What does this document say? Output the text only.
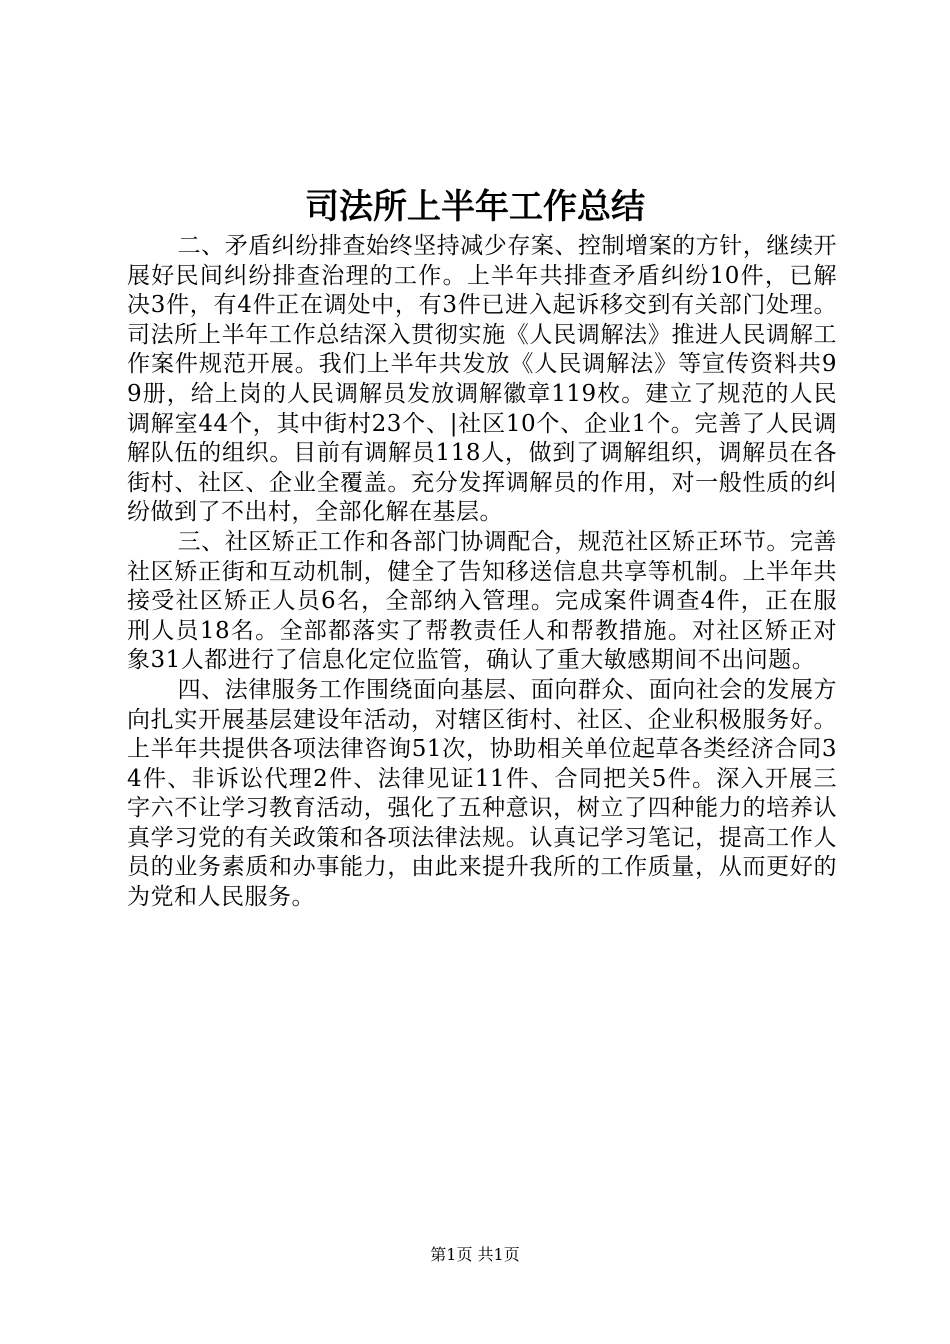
司法所上半年工作总结

二、矛盾纠纷排查始终坚持减少存案、控制增案的方针，继续开展好民间纠纷排查治理的工作。上半年共排查矛盾纠纷10件，已解决3件，有4件正在调处中，有3件已进入起诉移交到有关部门处理。司法所上半年工作总结深入贯彻实施《人民调解法》推进人民调解工作案件规范开展。我们上半年共发放《人民调解法》等宣传资料共99册，给上岗的人民调解员发放调解徽章119枚。建立了规范的人民调解室44个，其中街村23个、|社区10个、企业1个。完善了人民调解队伍的组织。目前有调解员118人，做到了调解组织，调解员在各街村、社区、企业全覆盖。充分发挥调解员的作用，对一般性质的纠纷做到了不出村，全部化解在基层。

三、社区矫正工作和各部门协调配合，规范社区矫正环节。完善社区矫正街和互动机制，健全了告知移送信息共享等机制。上半年共接受社区矫正人员6名，全部纳入管理。完成案件调查4件，正在服刑人员18名。全部都落实了帮教责任人和帮教措施。对社区矫正对象31人都进行了信息化定位监管，确认了重大敏感期间不出问题。

四、法律服务工作围绕面向基层、面向群众、面向社会的发展方向扎实开展基层建设年活动，对辖区街村、社区、企业积极服务好。上半年共提供各项法律咨询51次，协助相关单位起草各类经济合同34件、非诉讼代理2件、法律见证11件、合同把关5件。深入开展三字六不让学习教育活动，强化了五种意识，树立了四种能力的培养认真学习党的有关政策和各项法律法规。认真记学习笔记，提高工作人员的业务素质和办事能力，由此来提升我所的工作质量，从而更好的为党和人民服务。

第1页 共1页
